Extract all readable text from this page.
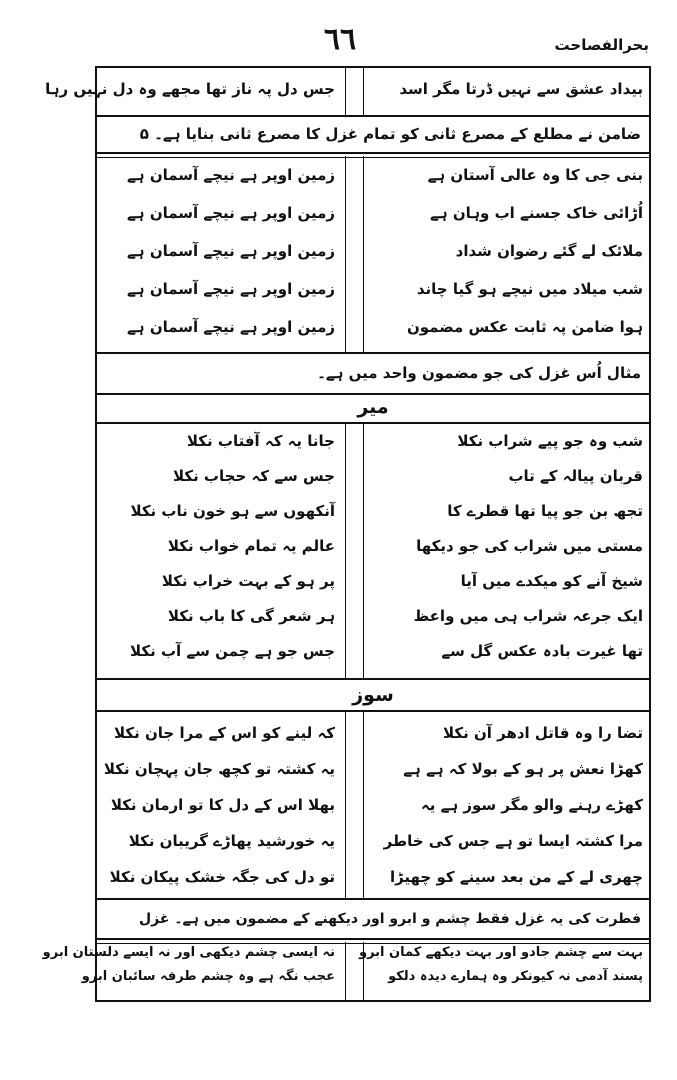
٦٦	بحرالفصاحت
بیداد عشق سے نہیں ڈرتا مگر اسد
جس دل پہ ناز تھا مجھے وہ دل نہیں رہا
ضامن نے مطلع کے مصرع ثانی کو تمام غزل کا مصرع ثانی بنایا ہے۔ ۵
بنی جی کا وہ عالی آستان ہے
اُڑائی خاک جسنے اب وہان ہے
ملائک لے گئے رضوان شداد
شب میلاد میں نیچے ہو گیا چاند
ہوا ضامن پہ ثابت عکس مضمون
زمین اوپر ہے نیچے آسمان ہے
زمین اوپر ہے نیچے آسمان ہے
زمین اوپر ہے نیچے آسمان ہے
زمین اوپر ہے نیچے آسمان ہے
زمین اوپر ہے نیچے آسمان ہے
مثال اُس غزل کی جو مضمون واحد میں ہے۔
میر
شب وہ جو پیے شراب نکلا
قربان پیالہ کے تاب
تجھ بن جو پیا تھا قطرے کا
مستی میں شراب کی جو دیکھا
شیخ آنے کو میکدے میں آیا
ایک جرعہ شراب ہی میں واعظ
تھا غیرت بادہ عکس گل سے
جانا یہ کہ آفتاب نکلا
جس سے کہ حجاب نکلا
آنکھوں سے ہو خون ناب نکلا
عالم یہ تمام خواب نکلا
پر ہو کے بہت خراب نکلا
ہر شعر گی کا باب نکلا
جس جو ہے چمن سے آب نکلا
سوز
تضا را وہ قاتل ادھر آن نکلا
کھڑا نعش پر ہو کے بولا کہ ہے ہے
کھڑے رہنے والو مگر سوز ہے یہ
مرا کشتہ ایسا تو ہے جس کی خاطر
چھری لے کے من بعد سینے کو چھیڑا
کہ لینے کو اس کے مرا جان نکلا
یہ کشتہ تو کچھ جان پہچان نکلا
بھلا اس کے دل کا تو ارمان نکلا
یہ خورشید پھاڑے گریبان نکلا
تو دل کی جگہ خشک پیکان نکلا
فطرت کی یہ غزل فقط چشم و ابرو اور دیکھنے کے مضمون میں ہے۔ غزل
بہت سے چشم جادو اور بہت دیکھے کمان ابرو
پسند آدمی نہ کیونکر وہ ہمارے دیدہ دلکو
نہ ایسی چشم دیکھی اور نہ ایسے دلستان ابرو
عجب نگہ ہے وہ چشم طرفہ سائبان ابرو
